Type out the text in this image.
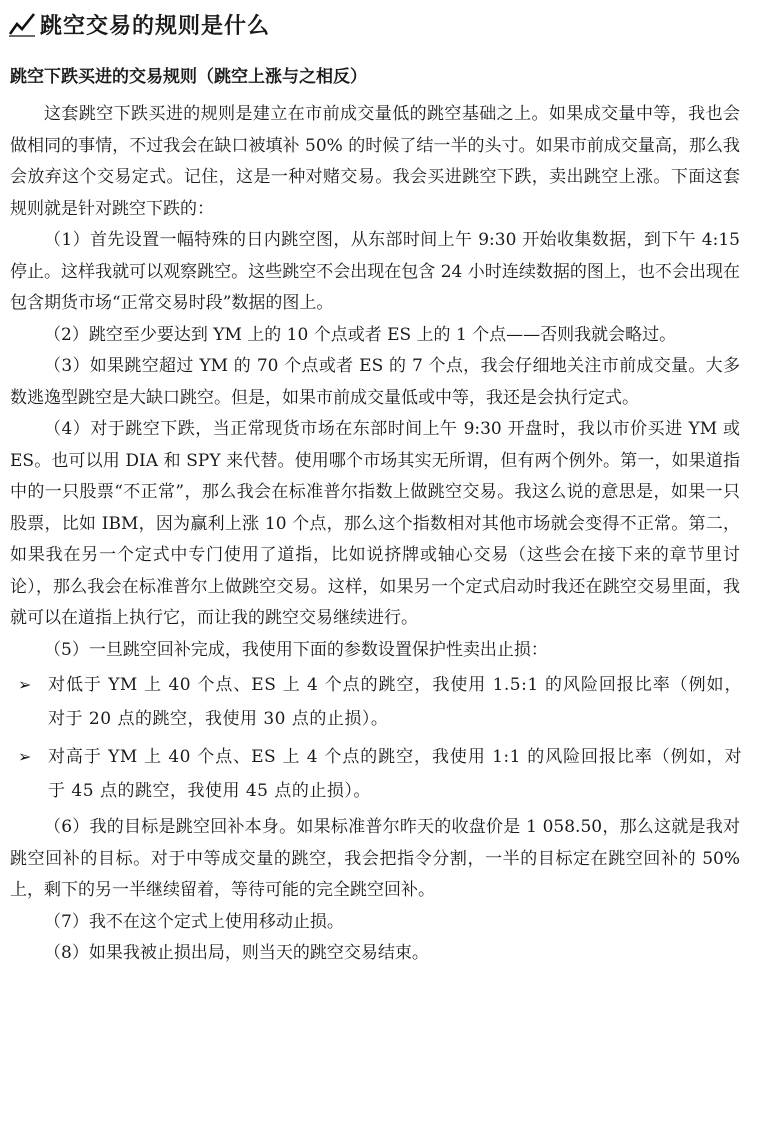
跳空交易的规则是什么
跳空下跌买进的交易规则（跳空上涨与之相反）

这套跳空下跌买进的规则是建立在市前成交量低的跳空基础之上。如果成交量中等，我也会做相同的事情，不过我会在缺口被填补 50% 的时候了结一半的头寸。如果市前成交量高，那么我会放弃这个交易定式。记住，这是一种对赌交易。我会买进跳空下跌，卖出跳空上涨。下面这套规则就是针对跳空下跌的：

（1）首先设置一幅特殊的日内跳空图，从东部时间上午 9:30 开始收集数据，到下午 4:15 停止。这样我就可以观察跳空。这些跳空不会出现在包含 24 小时连续数据的图上，也不会出现在包含期货市场“正常交易时段”数据的图上。

（2）跳空至少要达到 YM 上的 10 个点或者 ES 上的 1 个点——否则我就会略过。

（3）如果跳空超过 YM 的 70 个点或者 ES 的 7 个点，我会仔细地关注市前成交量。大多数逃逸型跳空是大缺口跳空。但是，如果市前成交量低或中等，我还是会执行定式。

（4）对于跳空下跌，当正常现货市场在东部时间上午 9:30 开盘时，我以市价买进 YM 或 ES。也可以用 DIA 和 SPY 来代替。使用哪个市场其实无所谓，但有两个例外。第一，如果道指中的一只股票“不正常”，那么我会在标准普尔指数上做跳空交易。我这么说的意思是，如果一只股票，比如 IBM，因为赢利上涨 10 个点，那么这个指数相对其他市场就会变得不正常。第二，如果我在另一个定式中专门使用了道指，比如说挤牌或轴心交易（这些会在接下来的章节里讨论），那么我会在标准普尔上做跳空交易。这样，如果另一个定式启动时我还在跳空交易里面，我就可以在道指上执行它，而让我的跳空交易继续进行。

（5）一旦跳空回补完成，我使用下面的参数设置保护性卖出止损：

➢ 对低于 YM 上 40 个点、ES 上 4 个点的跳空，我使用 1.5:1 的风险回报比率（例如，对于 20 点的跳空，我使用 30 点的止损）。
➢ 对高于 YM 上 40 个点、ES 上 4 个点的跳空，我使用 1:1 的风险回报比率（例如，对于 45 点的跳空，我使用 45 点的止损）。

（6）我的目标是跳空回补本身。如果标准普尔昨天的收盘价是 1 058.50，那么这就是我对跳空回补的目标。对于中等成交量的跳空，我会把指令分割，一半的目标定在跳空回补的 50% 上，剩下的另一半继续留着，等待可能的完全跳空回补。

（7）我不在这个定式上使用移动止损。

（8）如果我被止损出局，则当天的跳空交易结束。
